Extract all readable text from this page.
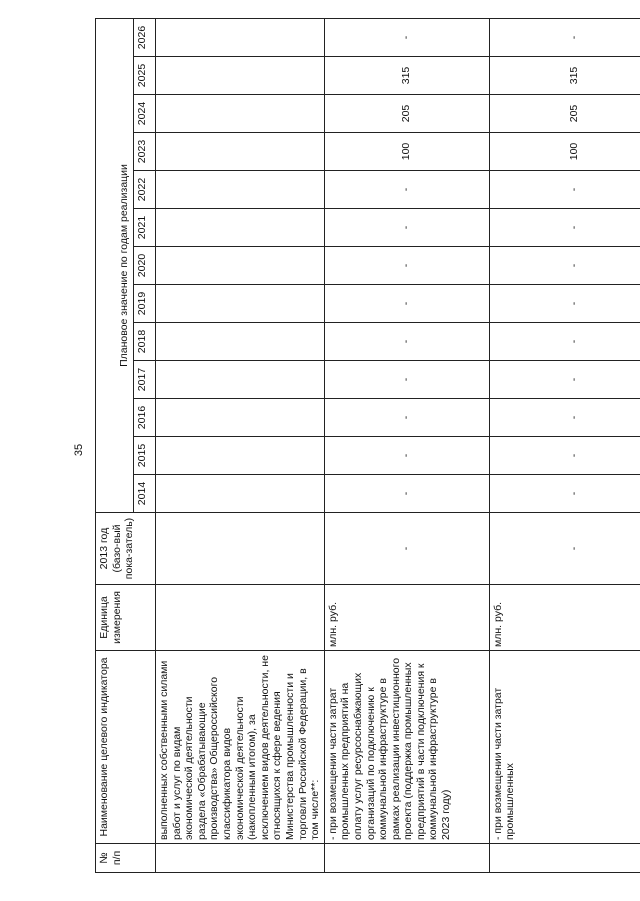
35
№ п/п	Наименование целевого индикатора	Единица измерения	2013 год (базо-вый пока-затель)	Плановое значение по годам реализации												
				2014	2015	2016	2017	2018	2019	2020	2021	2022	2023	2024	2025	2026
	выполненных собственными силами работ и услуг по видам экономической деятельности раздела «Обрабатывающие производства» Общероссийского классификатора видов экономической деятельности (накопленным итогом), за исключением видов деятельности, не относящихся к сфере ведения Министерства промышленности и торговли Российской Федерации, в том числе**:															
	- при возмещении части затрат промышленных предприятий на оплату услуг ресурсоснабжающих организаций по подключению к коммунальной инфраструктуре в рамках реализации инвестиционного проекта (поддержка промышленных предприятий в части подключения к коммунальной инфраструктуре в 2023 году)	млн. руб.	-	-	-	-	-	-	-	-	-	-	100	205	315	-
	- при возмещении части затрат промышленных	млн. руб.	-	-	-	-	-	-	-	-	-	-	100	205	315	-
